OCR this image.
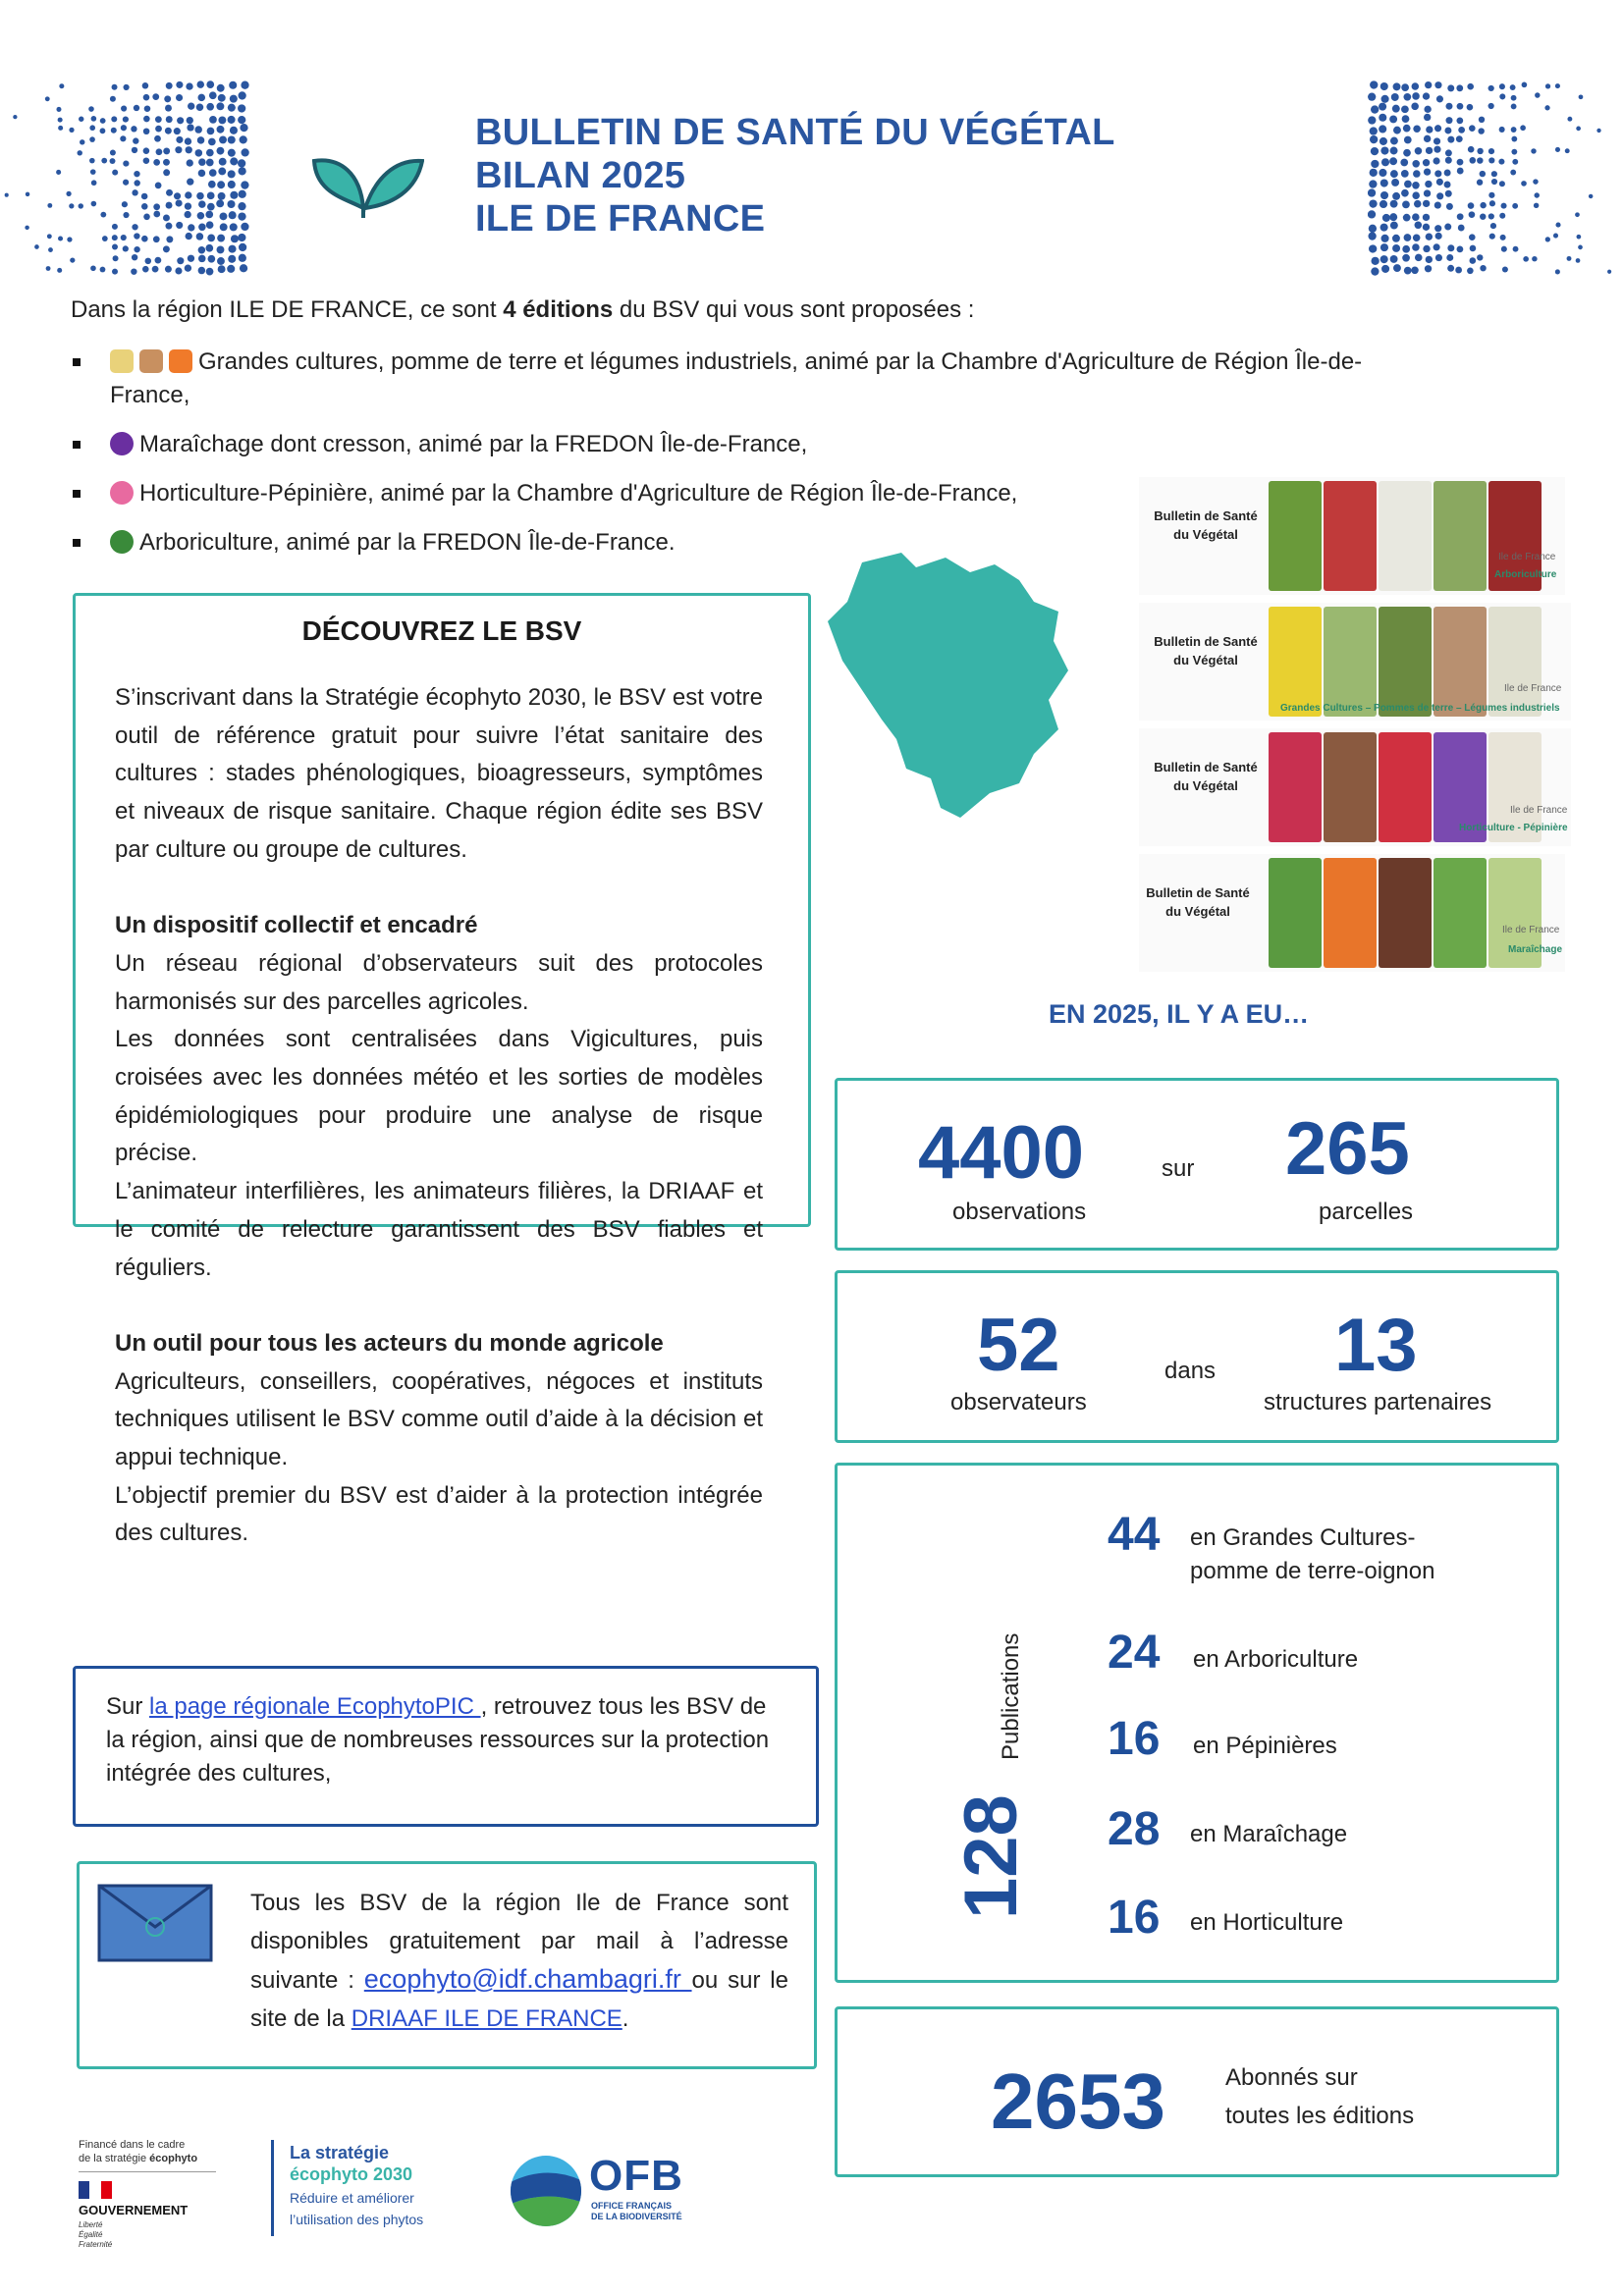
BULLETIN DE SANTÉ DU VÉGÉTAL
BILAN 2025
ILE DE FRANCE
Dans la région ILE DE FRANCE, ce sont 4 éditions du BSV qui vous sont proposées :
Grandes cultures, pomme de terre et légumes industriels, animé par la Chambre d'Agriculture de Région Île-de-
France,
Maraîchage dont cresson, animé par la FREDON Île-de-France,
Horticulture-Pépinière, animé par la Chambre d'Agriculture de Région Île-de-France,
Arboriculture, animé par la FREDON Île-de-France.
DÉCOUVREZ LE BSV

S’inscrivant dans la Stratégie écophyto 2030, le BSV est votre outil de référence gratuit pour suivre l’état sanitaire des cultures : stades phénologiques, bioagresseurs, symptômes et niveaux de risque sanitaire. Chaque région édite ses BSV par culture ou groupe de cultures.

Un dispositif collectif et encadré

Un réseau régional d’observateurs suit des protocoles harmonisés sur des parcelles agricoles.

Les données sont centralisées dans Vigicultures, puis croisées avec les données météo et les sorties de modèles épidémiologiques pour produire une analyse de risque précise.

L’animateur interfilières, les animateurs filières, la DRIAAF et le comité de relecture garantissent des BSV fiables et réguliers.

Un outil pour tous les acteurs du monde agricole

Agriculteurs, conseillers, coopératives, négoces et instituts techniques utilisent le BSV comme outil d’aide à la décision et appui technique.

L’objectif premier du BSV est d’aider à la protection intégrée des cultures.

Sur la page régionale EcophytoPIC , retrouvez tous les BSV de la région, ainsi que de nombreuses ressources sur la protection intégrée des cultures,
Tous les BSV de la région Ile de France sont disponibles gratuitement par mail à l’adresse suivante : ecophyto@idf.chambagri.fr ou sur le site de la DRIAAF ILE DE FRANCE.
Bulletin de Santé du Végétal
Ile de France
Arboriculture
Bulletin de Santé du Végétal
Ile de France
Grandes Cultures – Pommes de terre – Légumes industriels
Bulletin de Santé du Végétal
Ile de France
Horticulture - Pépinière
Bulletin de Santé du Végétal
Ile de France
Maraîchage
EN 2025, IL Y A EU…
4400
observations
sur 265
parcelles
52
observateurs
dans 13
structures partenaires
128
Publications
44 en Grandes Cultures-
pomme de terre-oignon
24 en Arboriculture
16 en Pépinières
28 en Maraîchage
16 en Horticulture
2653	Abonnés sur
toutes les éditions
Financé dans le cadre
de la stratégie écophyto
GOUVERNEMENT
Liberté
Égalité
Fraternité
La stratégie
écophyto 2030
Réduire et améliorer
l’utilisation des phytos
OFB
OFFICE FRANÇAIS
DE LA BIODIVERSITÉ
